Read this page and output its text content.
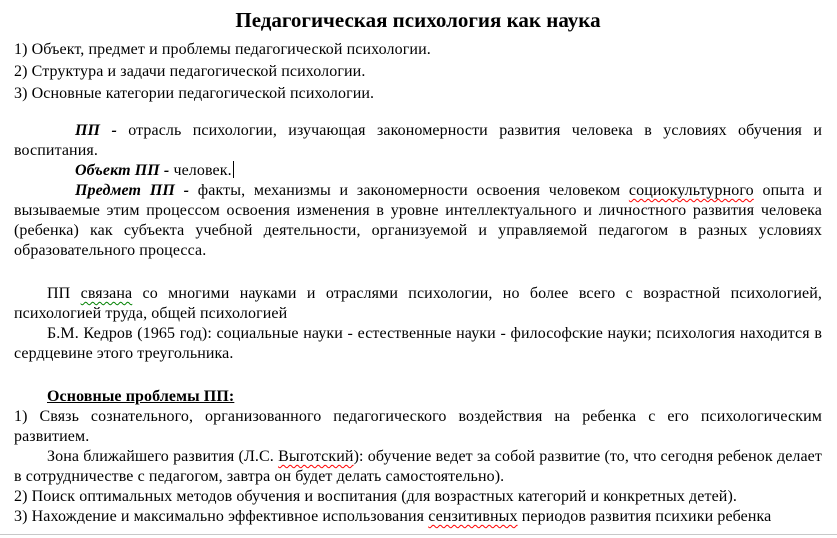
Педагогическая психология как наука
1) Объект, предмет и проблемы педагогической психологии.
2) Структура и задачи педагогической психологии.
3) Основные категории педагогической психологии.

ПП - отрасль психологии, изучающая закономерности развития человека в условиях обучения и воспитания.

Объект ПП - человек.

Предмет ПП - факты, механизмы и закономерности освоения человеком социокультурного опыта и вызываемые этим процессом освоения изменения в уровне интеллектуального и личностного развития человека (ребенка) как субъекта учебной деятельности, организуемой и управляемой педагогом в разных условиях образовательного процесса.

ПП связана со многими науками и отраслями психологии, но более всего с возрастной психологией, психологией труда, общей психологией

Б.М. Кедров (1965 год): социальные науки - естественные науки - философские науки; психология находится в сердцевине этого треугольника.

Основные проблемы ПП:

1) Связь сознательного, организованного педагогического воздействия на ребенка с его психологическим развитием.

Зона ближайшего развития (Л.С. Выготский): обучение ведет за собой развитие (то, что сегодня ребенок делает в сотрудничестве с педагогом, завтра он будет делать самостоятельно).

2) Поиск оптимальных методов обучения и воспитания (для возрастных категорий и конкретных детей).

3) Нахождение и максимально эффективное использования сензитивных периодов развития психики ребенка
